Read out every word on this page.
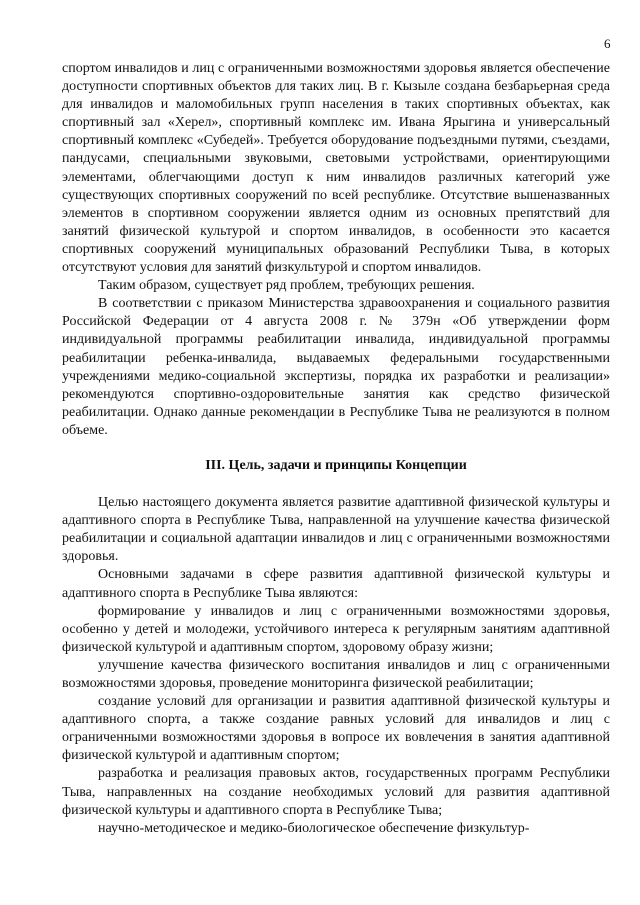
6

спортом инвалидов и лиц с ограниченными возможностями здоровья является обеспечение доступности спортивных объектов для таких лиц. В г. Кызыле создана безбарьерная среда для инвалидов и маломобильных групп населения в таких спортивных объектах, как спортивный зал «Херел», спортивный комплекс им. Ивана Ярыгина и универсальный спортивный комплекс «Субедей». Требуется оборудование подъездными путями, съездами, пандусами, специальными звуковыми, световыми устройствами, ориентирующими элементами, облегчающими доступ к ним инвалидов различных категорий уже существующих спортивных сооружений по всей республике. Отсутствие вышеназванных элементов в спортивном сооружении является одним из основных препятствий для занятий физической культурой и спортом инвалидов, в особенности это касается спортивных сооружений муниципальных образований Республики Тыва, в которых отсутствуют условия для занятий физкультурой и спортом инвалидов.

Таким образом, существует ряд проблем, требующих решения.

В соответствии с приказом Министерства здравоохранения и социального развития Российской Федерации от 4 августа 2008 г. № 379н «Об утверждении форм индивидуальной программы реабилитации инвалида, индивидуальной программы реабилитации ребенка-инвалида, выдаваемых федеральными государственными учреждениями медико-социальной экспертизы, порядка их разработки и реализации» рекомендуются спортивно-оздоровительные занятия как средство физической реабилитации. Однако данные рекомендации в Республике Тыва не реализуются в полном объеме.

III. Цель, задачи и принципы Концепции

Целью настоящего документа является развитие адаптивной физической культуры и адаптивного спорта в Республике Тыва, направленной на улучшение качества физической реабилитации и социальной адаптации инвалидов и лиц с ограниченными возможностями здоровья.

Основными задачами в сфере развития адаптивной физической культуры и адаптивного спорта в Республике Тыва являются:

формирование у инвалидов и лиц с ограниченными возможностями здоровья, особенно у детей и молодежи, устойчивого интереса к регулярным занятиям адаптивной физической культурой и адаптивным спортом, здоровому образу жизни;

улучшение качества физического воспитания инвалидов и лиц с ограниченными возможностями здоровья, проведение мониторинга физической реабилитации;

создание условий для организации и развития адаптивной физической культуры и адаптивного спорта, а также создание равных условий для инвалидов и лиц с ограниченными возможностями здоровья в вопросе их вовлечения в занятия адаптивной физической культурой и адаптивным спортом;

разработка и реализация правовых актов, государственных программ Республики Тыва, направленных на создание необходимых условий для развития адаптивной физической культуры и адаптивного спорта в Республике Тыва;

научно-методическое и медико-биологическое обеспечение физкультур-
